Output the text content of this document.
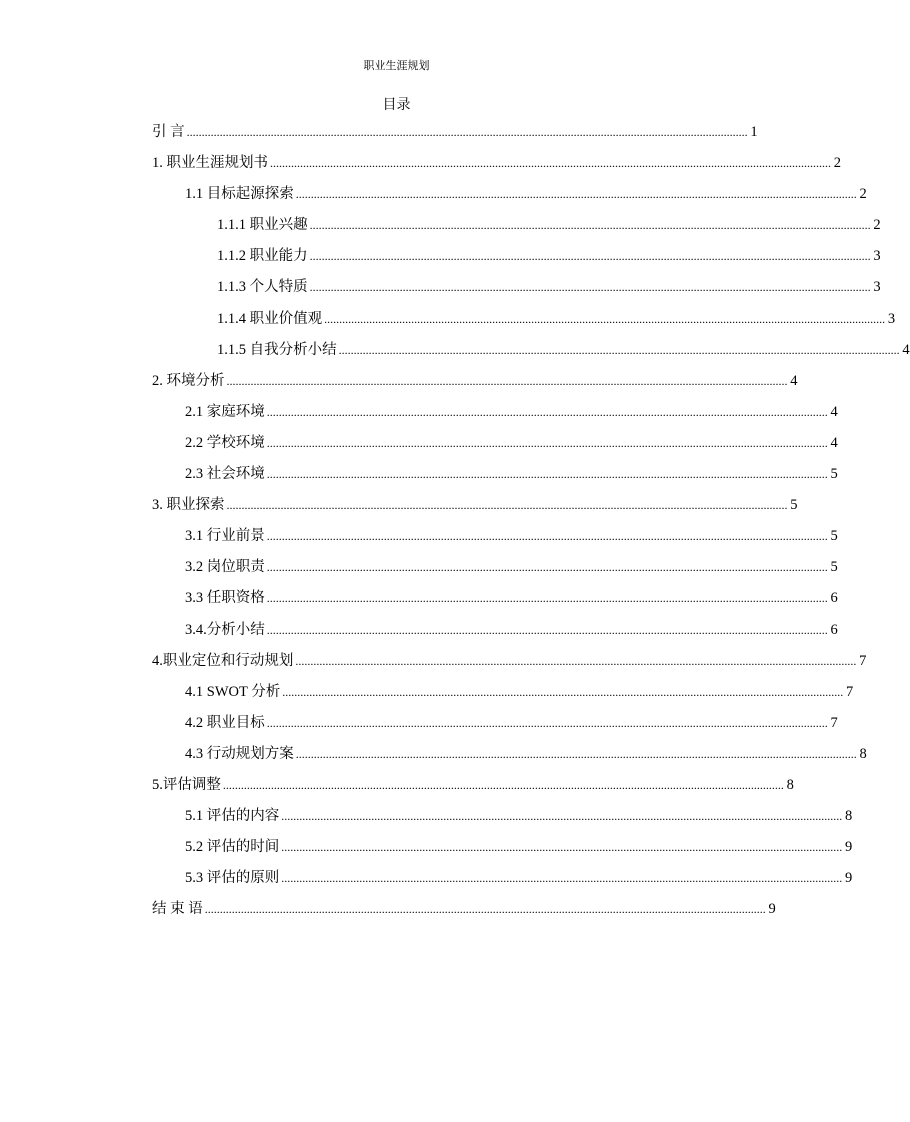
职业生涯规划
目录
引 言 ........................................................................................................................................................................................... 1
1. 职业生涯规划书 ........................................................................................................................................................................................... 2
1.1 目标起源探索 ........................................................................................................................................................................................... 2
1.1.1 职业兴趣 ........................................................................................................................................................................................... 2
1.1.2 职业能力 ........................................................................................................................................................................................... 3
1.1.3 个人特质 ........................................................................................................................................................................................... 3
1.1.4 职业价值观 ........................................................................................................................................................................................... 3
1.1.5 自我分析小结 ........................................................................................................................................................................................... 4
2. 环境分析 ........................................................................................................................................................................................... 4
2.1 家庭环境 ........................................................................................................................................................................................... 4
2.2 学校环境 ........................................................................................................................................................................................... 4
2.3 社会环境 ........................................................................................................................................................................................... 5
3. 职业探索 ........................................................................................................................................................................................... 5
3.1 行业前景 ........................................................................................................................................................................................... 5
3.2 岗位职责 ........................................................................................................................................................................................... 5
3.3 任职资格 ........................................................................................................................................................................................... 6
3.4.分析小结 ........................................................................................................................................................................................... 6
4.职业定位和行动规划 ........................................................................................................................................................................................... 7
4.1 SWOT 分析 ........................................................................................................................................................................................... 7
4.2 职业目标 ........................................................................................................................................................................................... 7
4.3 行动规划方案 ........................................................................................................................................................................................... 8
5.评估调整 ........................................................................................................................................................................................... 8
5.1 评估的内容 ........................................................................................................................................................................................... 8
5.2 评估的时间 ........................................................................................................................................................................................... 9
5.3 评估的原则 ........................................................................................................................................................................................... 9
结 束 语 ........................................................................................................................................................................................... 9
